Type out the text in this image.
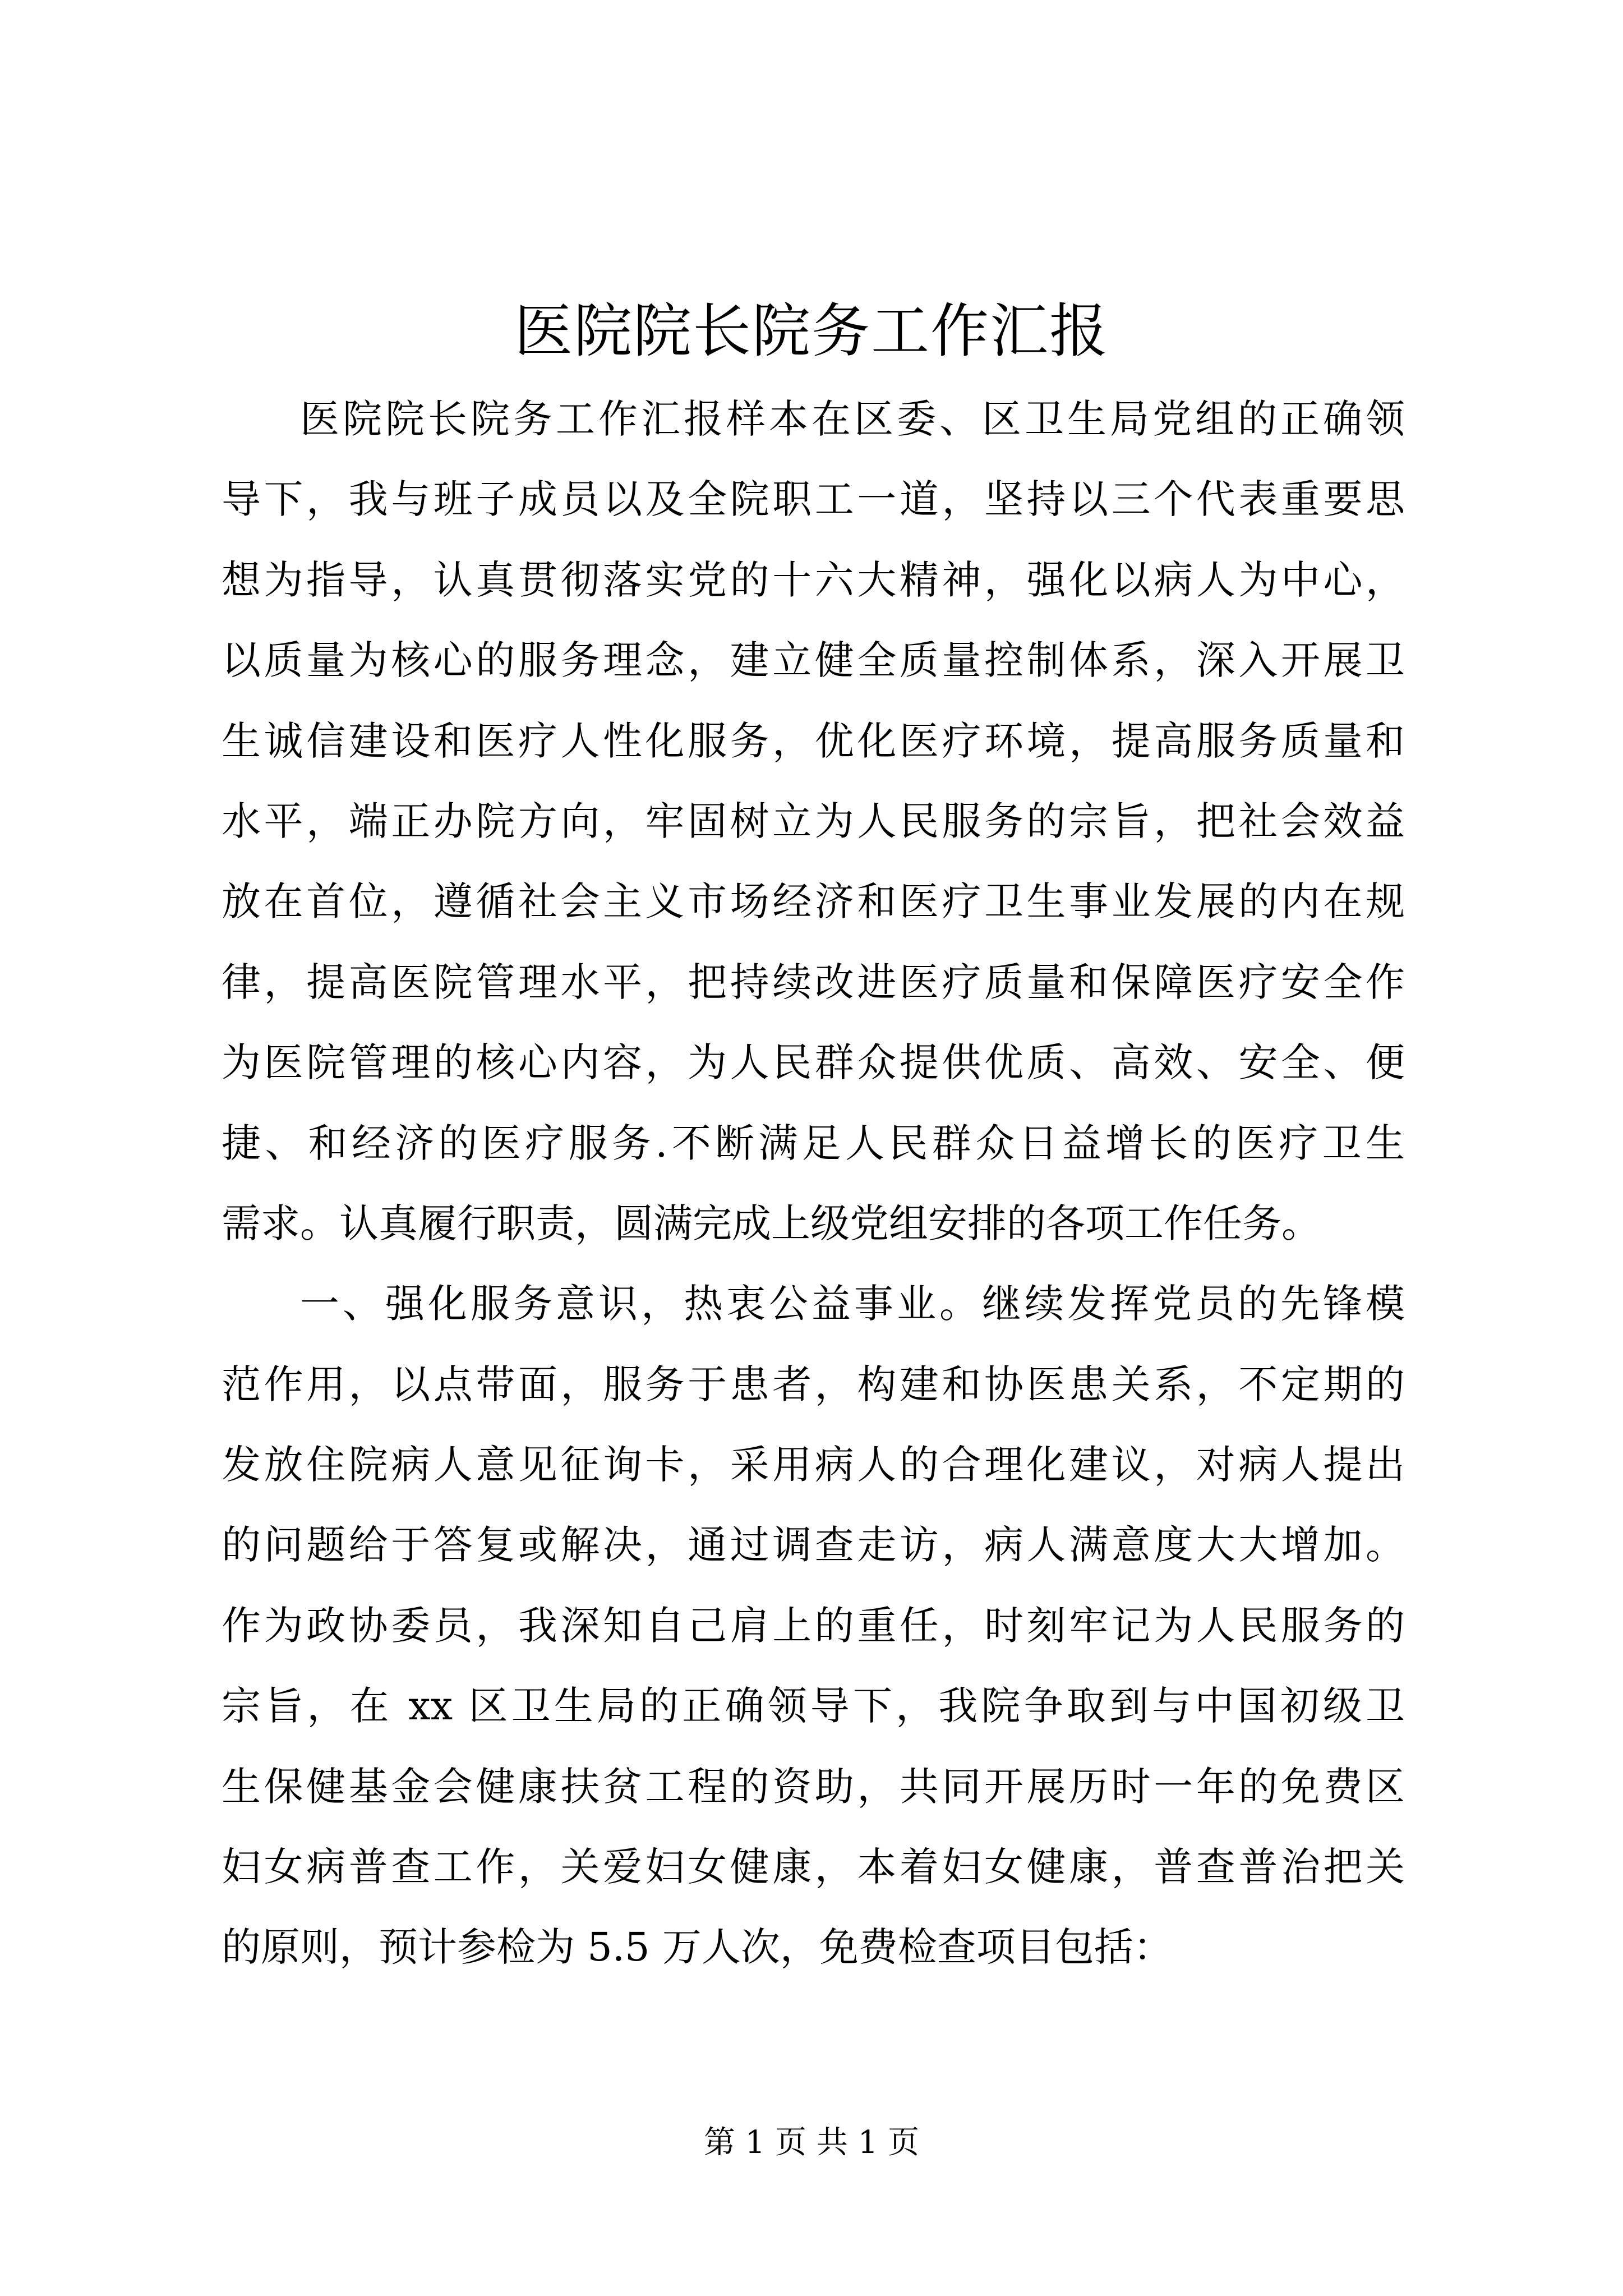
医院院长院务工作汇报
医院院长院务工作汇报样本在区委、区卫生局党组的正确领
导下，我与班子成员以及全院职工一道，坚持以三个代表重要思
想为指导，认真贯彻落实党的十六大精神，强化以病人为中心，
以质量为核心的服务理念，建立健全质量控制体系，深入开展卫
生诚信建设和医疗人性化服务，优化医疗环境，提高服务质量和
水平，端正办院方向，牢固树立为人民服务的宗旨，把社会效益
放在首位，遵循社会主义市场经济和医疗卫生事业发展的内在规
律，提高医院管理水平，把持续改进医疗质量和保障医疗安全作
为医院管理的核心内容，为人民群众提供优质、高效、安全、便
捷、和经济的医疗服务.不断满足人民群众日益增长的医疗卫生
需求。认真履行职责，圆满完成上级党组安排的各项工作任务。
一、强化服务意识，热衷公益事业。继续发挥党员的先锋模
范作用，以点带面，服务于患者，构建和协医患关系，不定期的
发放住院病人意见征询卡，采用病人的合理化建议，对病人提出
的问题给于答复或解决，通过调查走访，病人满意度大大增加。
作为政协委员，我深知自己肩上的重任，时刻牢记为人民服务的
宗旨，在 xx 区卫生局的正确领导下，我院争取到与中国初级卫
生保健基金会健康扶贫工程的资助，共同开展历时一年的免费区
妇女病普查工作，关爱妇女健康，本着妇女健康，普查普治把关
的原则，预计参检为 5.5 万人次，免费检查项目包括：
第 1 页 共 1 页
